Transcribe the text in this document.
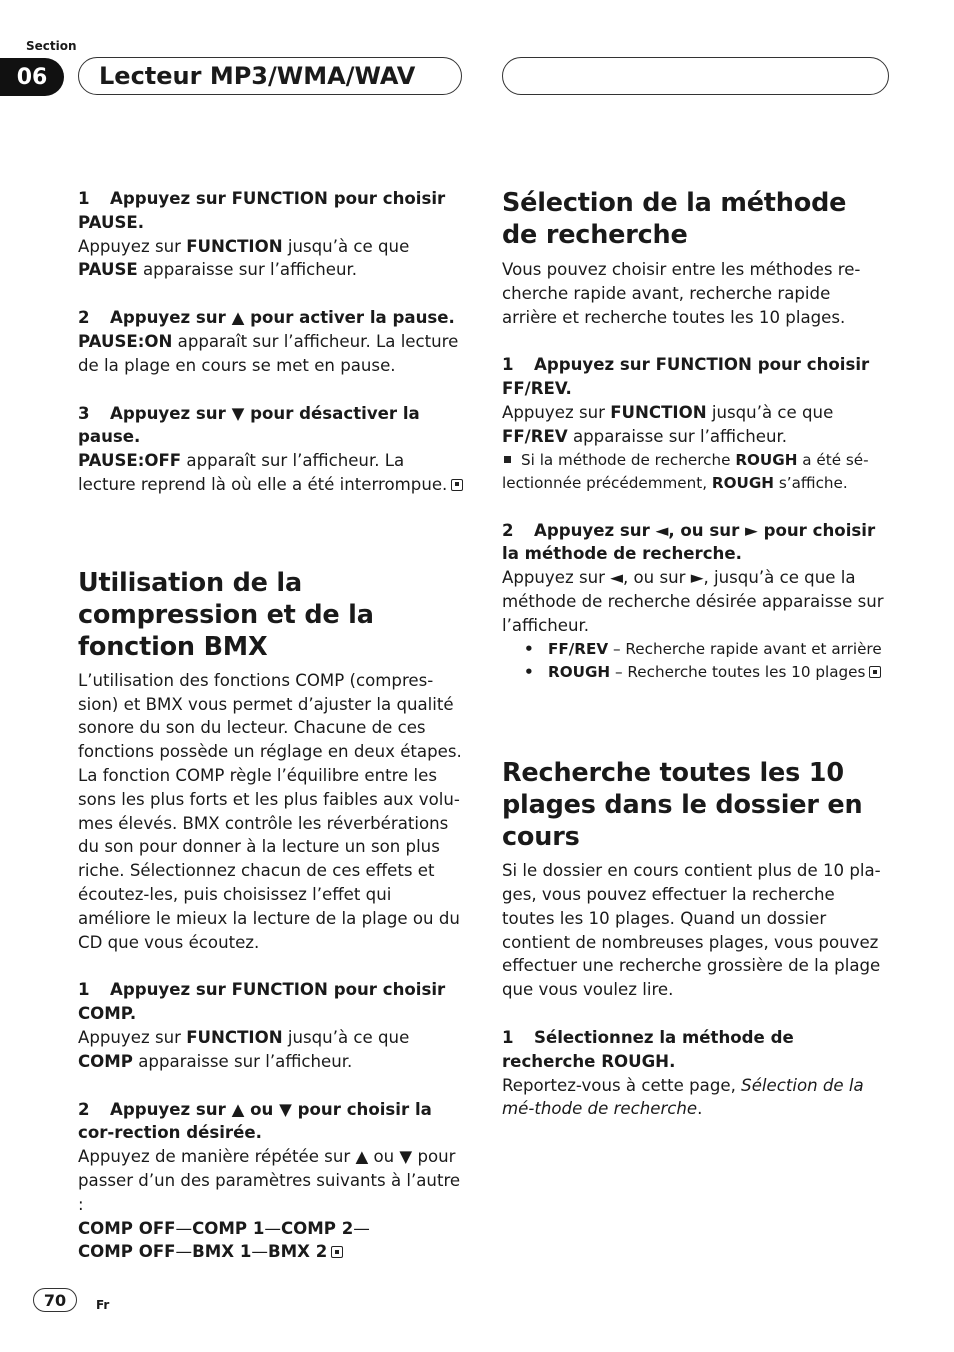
Section
06	Lecteur MP3/WMA/WAV

1 Appuyez sur FUNCTION pour choisir PAUSE.

Appuyez sur FUNCTION jusqu’à ce que PAUSE apparaisse sur l’afficheur.

2 Appuyez sur ▲ pour activer la pause.

PAUSE:ON apparaît sur l’afficheur. La lecture de la plage en cours se met en pause.

3 Appuyez sur ▼ pour désactiver la pause.

PAUSE:OFF apparaît sur l’afficheur. La lecture reprend là où elle a été interrompue.

Utilisation de la compression et de la fonction BMX

L’utilisation des fonctions COMP (compres-sion) et BMX vous permet d’ajuster la qualité sonore du son du lecteur. Chacune de ces fonctions possède un réglage en deux étapes. La fonction COMP règle l’équilibre entre les sons les plus forts et les plus faibles aux volu-mes élevés. BMX contrôle les réverbérations du son pour donner à la lecture un son plus riche. Sélectionnez chacun de ces effets et écoutez-les, puis choisissez l’effet qui améliore le mieux la lecture de la plage ou du CD que vous écoutez.

1 Appuyez sur FUNCTION pour choisir COMP.

Appuyez sur FUNCTION jusqu’à ce que COMP apparaisse sur l’afficheur.

2 Appuyez sur ▲ ou ▼ pour choisir la cor-rection désirée.

Appuyez de manière répétée sur ▲ ou ▼ pour passer d’un des paramètres suivants à l’autre :

COMP OFF—COMP 1—COMP 2—
COMP OFF—BMX 1—BMX 2

Sélection de la méthode de recherche

Vous pouvez choisir entre les méthodes re-cherche rapide avant, recherche rapide arrière et recherche toutes les 10 plages.

1 Appuyez sur FUNCTION pour choisir FF/REV.

Appuyez sur FUNCTION jusqu’à ce que FF/REV apparaisse sur l’afficheur.

Si la méthode de recherche ROUGH a été sé-lectionnée précédemment, ROUGH s’affiche.

2 Appuyez sur ◄, ou sur ► pour choisir la méthode de recherche.

Appuyez sur ◄, ou sur ►, jusqu’à ce que la méthode de recherche désirée apparaisse sur l’afficheur.

• FF/REV – Recherche rapide avant et arrière
• ROUGH – Recherche toutes les 10 plages
Recherche toutes les 10 plages dans le dossier en cours

Si le dossier en cours contient plus de 10 pla-ges, vous pouvez effectuer la recherche toutes les 10 plages. Quand un dossier contient de nombreuses plages, vous pouvez effectuer une recherche grossière de la plage que vous voulez lire.

1 Sélectionnez la méthode de recherche ROUGH.

Reportez-vous à cette page, Sélection de la mé-thode de recherche.

70	Fr
